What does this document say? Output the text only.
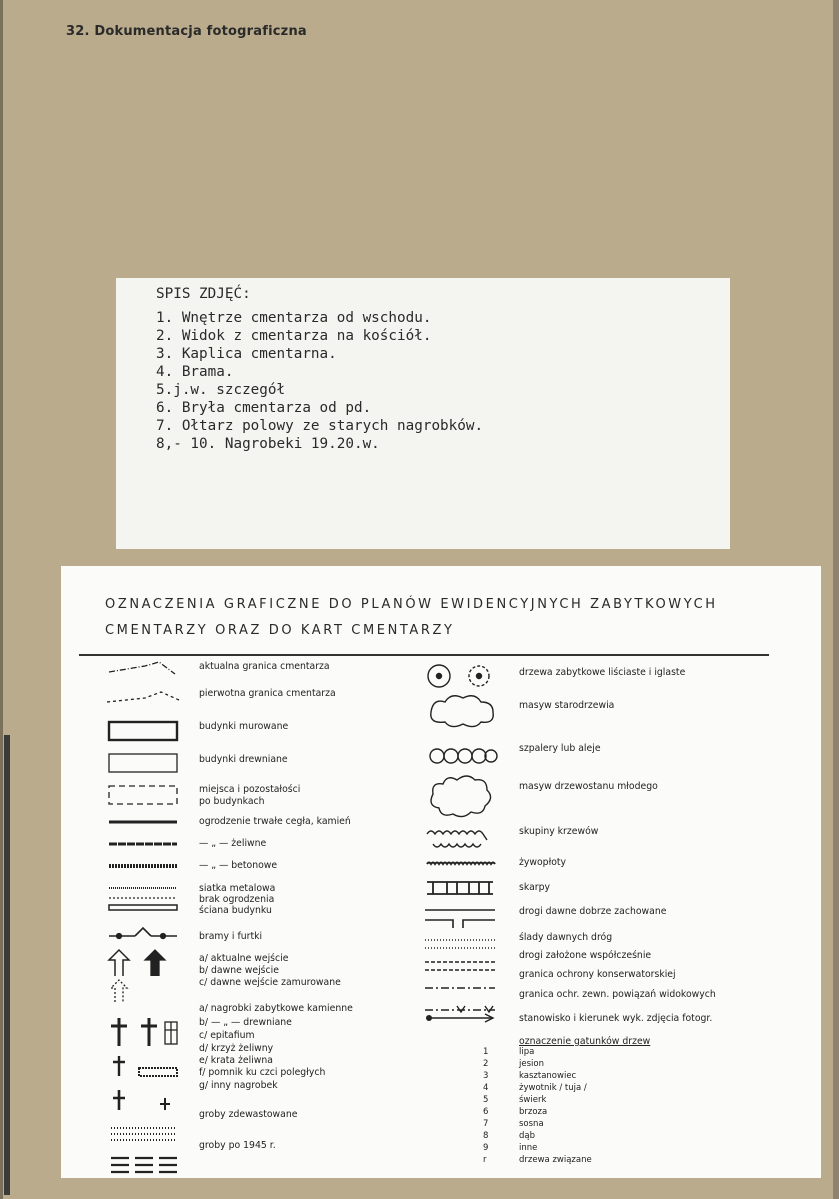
32. Dokumentacja fotograficzna
SPIS ZDJĘĆ:
1. Wnętrze cmentarza od wschodu.
2. Widok z cmentarza na kościół.
3. Kaplica cmentarna.
4. Brama.
5.j.w. szczegół
6. Bryła cmentarza od pd.
7. Ołtarz polowy ze starych nagrobków.
8,- 10. Nagrobeki 19.20.w.
OZNACZENIA GRAFICZNE DO PLANÓW EWIDENCYJNYCH ZABYTKOWYCH
CMENTARZY ORAZ DO KART CMENTARZY
aktualna granica cmentarza
pierwotna granica cmentarza
budynki murowane
budynki drewniane
miejsca i pozostałości
po budynkach
ogrodzenie trwałe cegła, kamień
— „ — żeliwne
— „ — betonowe
siatka metalowa
brak ogrodzenia
ściana budynku
bramy i furtki
a/ aktualne wejście
b/ dawne wejście
c/ dawne wejście zamurowane
a/ nagrobki zabytkowe kamienne
b/ — „ — drewniane
c/ epitafium
d/ krzyż żeliwny
e/ krata żeliwna
f/ pomnik ku czci poległych
g/ inny nagrobek
groby zdewastowane
groby po 1945 r.
drzewa zabytkowe liściaste i iglaste
masyw starodrzewia
szpalery lub aleje
masyw drzewostanu młodego
skupiny krzewów
żywopłoty
skarpy
drogi dawne dobrze zachowane
ślady dawnych dróg
drogi założone współcześnie
granica ochrony konserwatorskiej
granica ochr. zewn. powiązań widokowych
stanowisko i kierunek wyk. zdjęcia fotogr.
oznaczenie gatunków drzew
1	lipa
2	jesion
3	kasztanowiec
4	żywotnik / tuja /
5	świerk
6	brzoza
7	sosna
8	dąb
9	inne
r	drzewa związane
